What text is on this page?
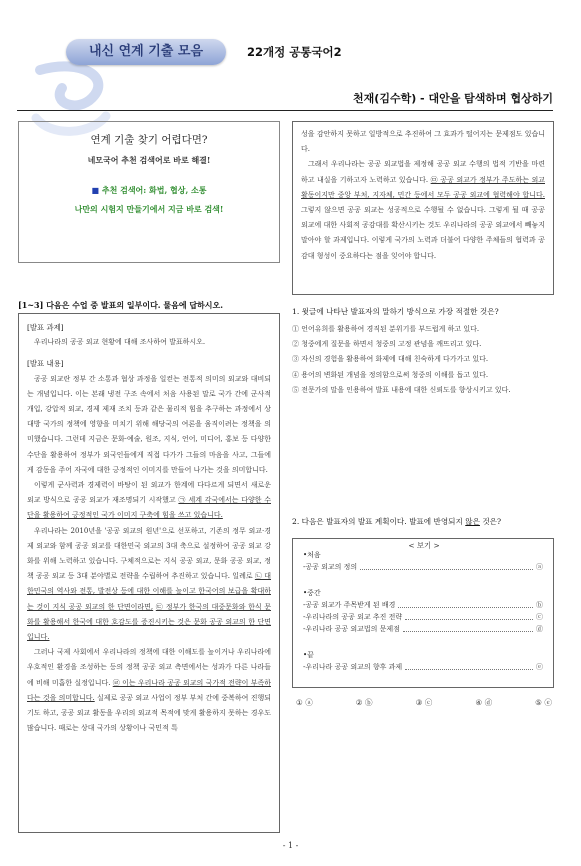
내신 연계 기출 모음	22개정 공통국어2
천재(김수학) - 대안을 탐색하며 협상하기
연계 기출 찾기 어렵다면?
네모국어 추천 검색어로 바로 해결!
■ 추천 검색어: 화법, 협상, 소통
나만의 시험지 만들기에서 지금 바로 검색!
[1~3] 다음은 수업 중 발표의 일부이다. 물음에 답하시오.

[발표 과제]

우리나라의 공공 외교 현황에 대해 조사하여 발표하시오.

[발표 내용]

공공 외교란 정부 간 소통과 협상 과정을 일컫는 전통적 의미의 외교와 대비되는 개념입니다. 이는 본래 냉전 구조 속에서 처음 사용된 말로 국가 간에 군사적 개입, 강압적 외교, 경제 제재 조치 등과 같은 물리적 힘을 추구하는 과정에서 상대방 국가의 정책에 영향을 미치기 위해 해당국의 여론을 움직이려는 정책을 의미했습니다. 그런데 지금은 문화·예술, 원조, 지식, 언어, 미디어, 홍보 등 다양한 수단을 활용하여 정부가 외국인들에게 직접 다가가 그들의 마음을 사고, 그들에게 감동을 주어 자국에 대한 긍정적인 이미지를 만들어 나가는 것을 의미합니다.

이렇게 군사력과 경제력이 바탕이 된 외교가 한계에 다다르게 되면서 새로운 외교 방식으로 공공 외교가 재조명되기 시작했고 ㉠ 세계 각국에서는 다양한 수단을 활용하여 긍정적인 국가 이미지 구축에 힘을 쓰고 있습니다.

우리나라는 2010년을 '공공 외교의 원년'으로 선포하고, 기존의 정무 외교·경제 외교와 함께 공공 외교를 대한민국 외교의 3대 축으로 설정하여 공공 외교 강화를 위해 노력하고 있습니다. 구체적으로는 지식 공공 외교, 문화 공공 외교, 정책 공공 외교 등 3대 분야별로 전략을 수립하여 추진하고 있습니다. 일례로 ㉡ 대한민국의 역사와 전통, 발전상 등에 대한 이해를 높이고 한국어의 보급을 확대하는 것이 지식 공공 외교의 한 단면이라면, ㉢ 정부가 한국의 대중문화와 한식 문화를 활용해서 한국에 대한 호감도를 증진시키는 것은 문화 공공 외교의 한 단면입니다.

그러나 국제 사회에서 우리나라의 정책에 대한 이해도를 높이거나 우리나라에 우호적인 환경을 조성하는 등의 정책 공공 외교 측면에서는 성과가 다른 나라들에 비해 미흡한 실정입니다. ㉣ 이는 우리나라 공공 외교의 국가적 전략이 부족하다는 것을 의미합니다. 실제로 공공 외교 사업이 정부 부처 간에 중복하여 진행되기도 하고, 공공 외교 활동을 우리의 외교적 목적에 맞게 활용하지 못하는 경우도 많습니다. 때로는 상대 국가의 상황이나 국민적 특

성을 감안하지 못하고 일방적으로 추진하여 그 효과가 떨어지는 문제점도 있습니다.

그래서 우리나라는 공공 외교법을 제정해 공공 외교 수행의 법적 기반을 마련하고 내실을 기하고자 노력하고 있습니다. ㉤ 공공 외교가 정부가 주도하는 외교 활동이지만 중앙 부처, 지자체, 민간 등에서 모두 공공 외교에 협력해야 합니다. 그렇지 않으면 공공 외교는 성공적으로 수행될 수 없습니다. 그렇게 될 때 공공 외교에 대한 사회적 공감대를 확산시키는 것도 우리나라의 공공 외교에서 빼놓지 말아야 할 과제입니다. 이렇게 국가의 노력과 더불어 다양한 주체들의 협력과 공감대 형성이 중요하다는 점을 잊어야 합니다.

1. 윗글에 나타난 발표자의 말하기 방식으로 가장 적절한 것은?

① 언어유희를 활용하여 경직된 분위기를 부드럽게 하고 있다.

② 청중에게 질문을 하면서 청중의 고정 관념을 깨뜨리고 있다.

③ 자신의 경험을 활용하여 화제에 대해 친숙하게 다가가고 있다.

④ 용어의 변화된 개념을 정의함으로써 청중의 이해를 돕고 있다.

⑤ 전문가의 말을 인용하여 발표 내용에 대한 신뢰도를 향상시키고 있다.

2. 다음은 발표자의 발표 계획이다. 발표에 반영되지 않은 것은?

< 보기 >

•처음

-공공 외교의 정의	ⓐ

•중간

-공공 외교가 주목받게 된 배경	ⓑ
-우리나라의 공공 외교 추진 전략	ⓒ
-우리나라 공공 외교법의 문제점	ⓓ

•끝

-우리나라 공공 외교의 향후 과제	ⓔ
① ⓐ	② ⓑ	③ ⓒ	④ ⓓ	⑤ ⓔ
- 1 -
